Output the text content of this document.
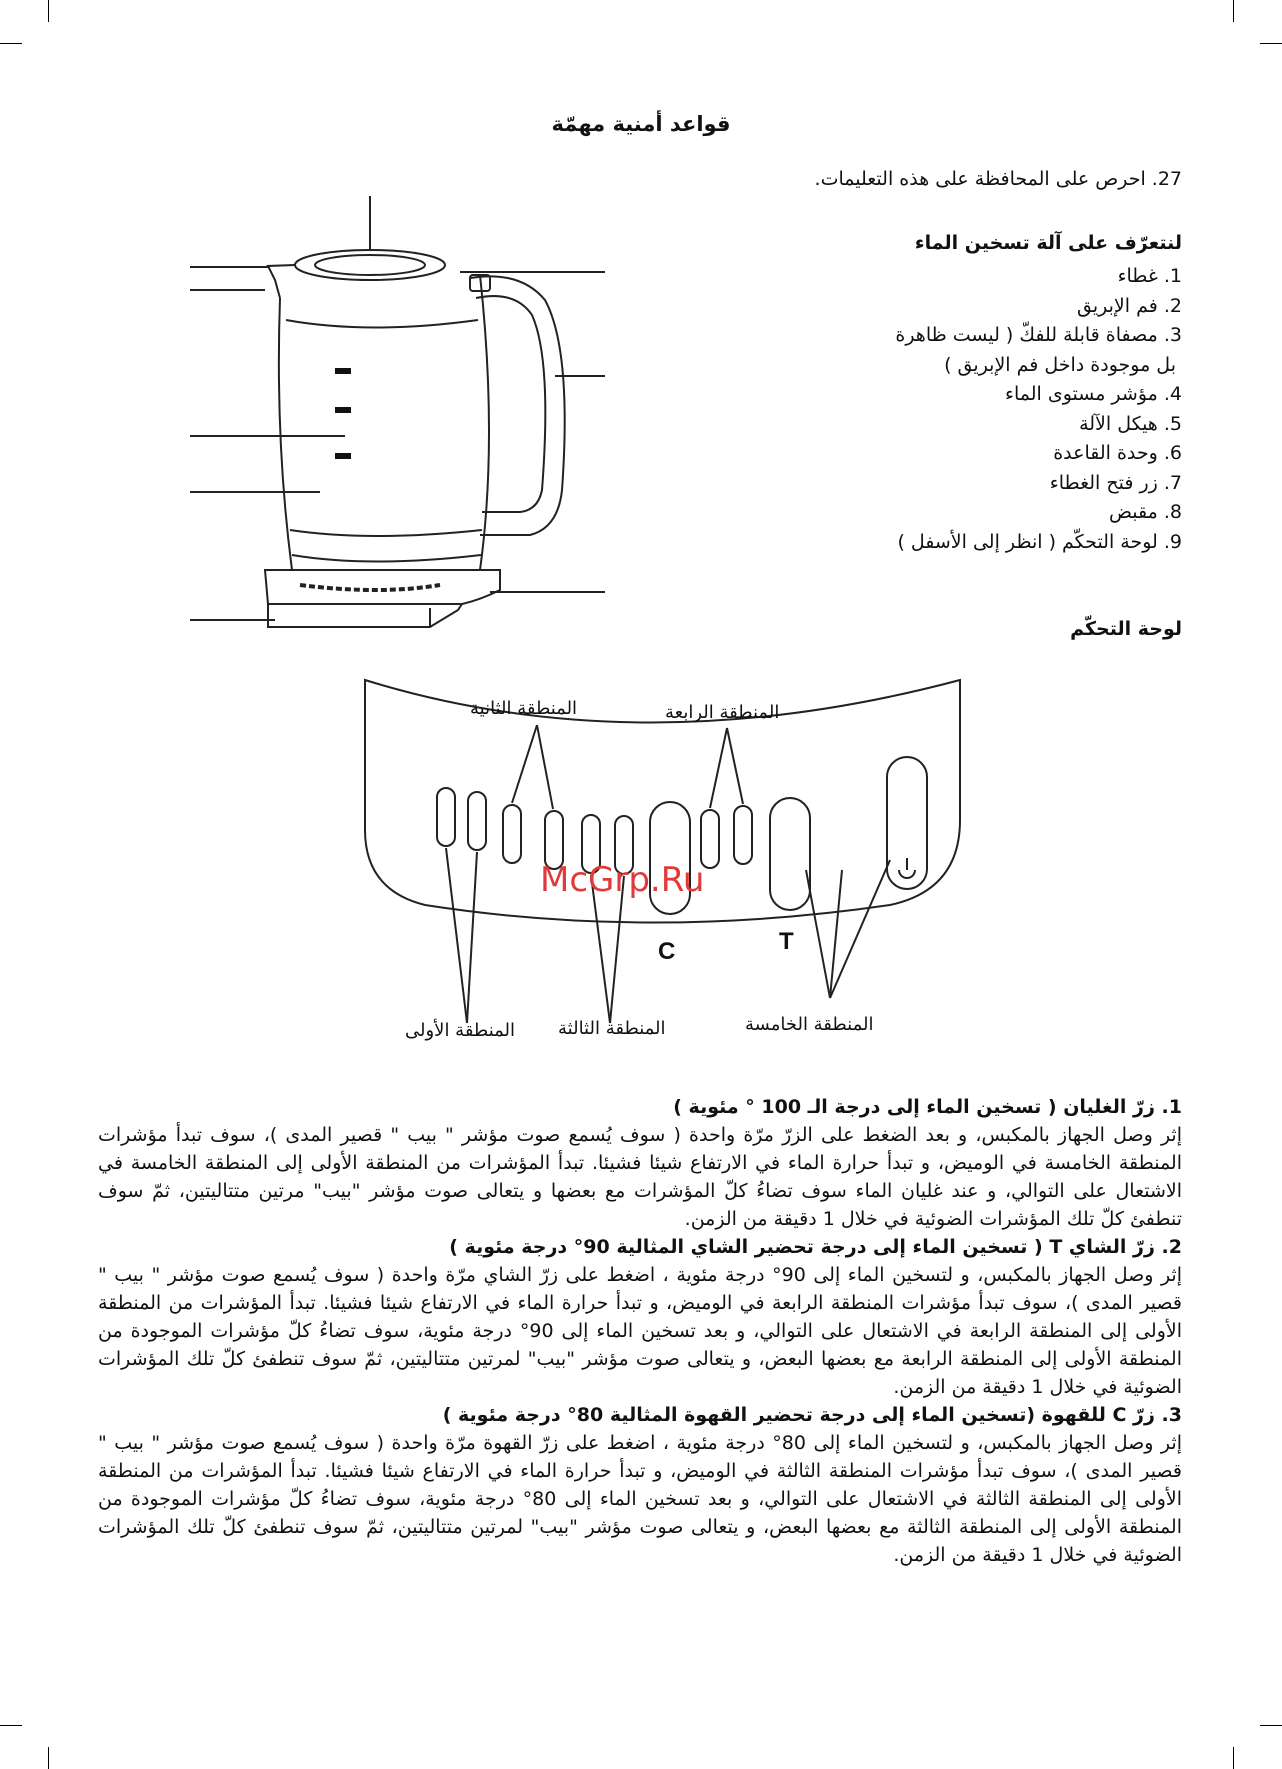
قواعد أمنية مهمّة
27. احرص على المحافظة على هذه التعليمات.
لنتعرّف على آلة تسخين الماء
1. غطاء
2. فم الإبريق
3. مصفاة قابلة للفكّ ( ليست ظاهرة
بل موجودة داخل فم الإبريق )
4. مؤشر مستوى الماء
5. هيكل الآلة
6. وحدة القاعدة
7. زر فتح الغطاء
8. مقبض
9. لوحة التحكّم ( انظر إلى الأسفل )
لوحة التحكّم
C	T
المنطقة الثانية	المنطقة الرابعة
المنطقة الأولى المنطقة الثالثة	المنطقة الخامسة
McGrp.Ru
1. زرّ الغليان ( تسخين الماء إلى درجة الـ 100 ° مئوية )

إثر وصل الجهاز بالمكبس، و بعد الضغط على الزرّ مرّة واحدة ( سوف يُسمع صوت مؤشر " بيب " قصير المدى )، سوف تبدأ مؤشرات المنطقة الخامسة في الوميض، و تبدأ حرارة الماء في الارتفاع شيئا فشيئا. تبدأ المؤشرات من المنطقة الأولى إلى المنطقة الخامسة في الاشتعال على التوالي، و عند غليان الماء سوف تضاءُ كلّ المؤشرات مع بعضها و يتعالى صوت مؤشر "بيب" مرتين متتاليتين، ثمّ سوف تنطفئ كلّ تلك المؤشرات الضوئية في خلال 1 دقيقة من الزمن.

2. زرّ الشاي T ( تسخين الماء إلى درجة تحضير الشاي المثالية 90° درجة مئوية )

إثر وصل الجهاز بالمكبس، و لتسخين الماء إلى 90° درجة مئوية ، اضغط على زرّ الشاي مرّة واحدة ( سوف يُسمع صوت مؤشر " بيب " قصير المدى )، سوف تبدأ مؤشرات المنطقة الرابعة في الوميض، و تبدأ حرارة الماء في الارتفاع شيئا فشيئا. تبدأ المؤشرات من المنطقة الأولى إلى المنطقة الرابعة في الاشتعال على التوالي، و بعد تسخين الماء إلى 90° درجة مئوية، سوف تضاءُ كلّ مؤشرات الموجودة من المنطقة الأولى إلى المنطقة الرابعة مع بعضها البعض، و يتعالى صوت مؤشر "بيب" لمرتين متتاليتين، ثمّ سوف تنطفئ كلّ تلك المؤشرات الضوئية في خلال 1 دقيقة من الزمن.

3. زرّ C للقهوة (تسخين الماء إلى درجة تحضير القهوة المثالية 80° درجة مئوية )

إثر وصل الجهاز بالمكبس، و لتسخين الماء إلى 80° درجة مئوية ، اضغط على زرّ القهوة مرّة واحدة ( سوف يُسمع صوت مؤشر " بيب " قصير المدى )، سوف تبدأ مؤشرات المنطقة الثالثة في الوميض، و تبدأ حرارة الماء في الارتفاع شيئا فشيئا. تبدأ المؤشرات من المنطقة الأولى إلى المنطقة الثالثة في الاشتعال على التوالي، و بعد تسخين الماء إلى 80° درجة مئوية، سوف تضاءُ كلّ مؤشرات الموجودة من المنطقة الأولى إلى المنطقة الثالثة مع بعضها البعض، و يتعالى صوت مؤشر "بيب" لمرتين متتاليتين، ثمّ سوف تنطفئ كلّ تلك المؤشرات الضوئية في خلال 1 دقيقة من الزمن.
